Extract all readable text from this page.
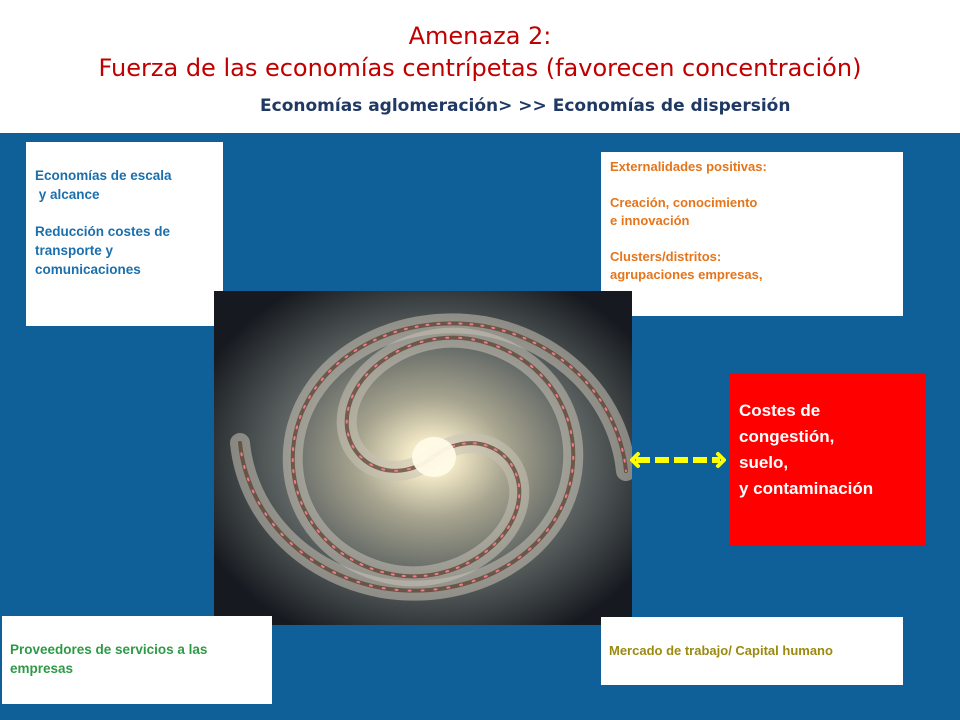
Amenaza 2:
Fuerza de las economías centrípetas (favorecen concentración)
Economías aglomeración> >> Economías de dispersión
Economías de escala
y alcance
Reducción costes de
transporte y
comunicaciones
Externalidades positivas:
Creación, conocimiento
e innovación
Clusters/distritos:
agrupaciones empresas,
Costes de
congestión,
suelo,
y contaminación
Proveedores de servicios a las
empresas
Mercado de trabajo/ Capital humano
